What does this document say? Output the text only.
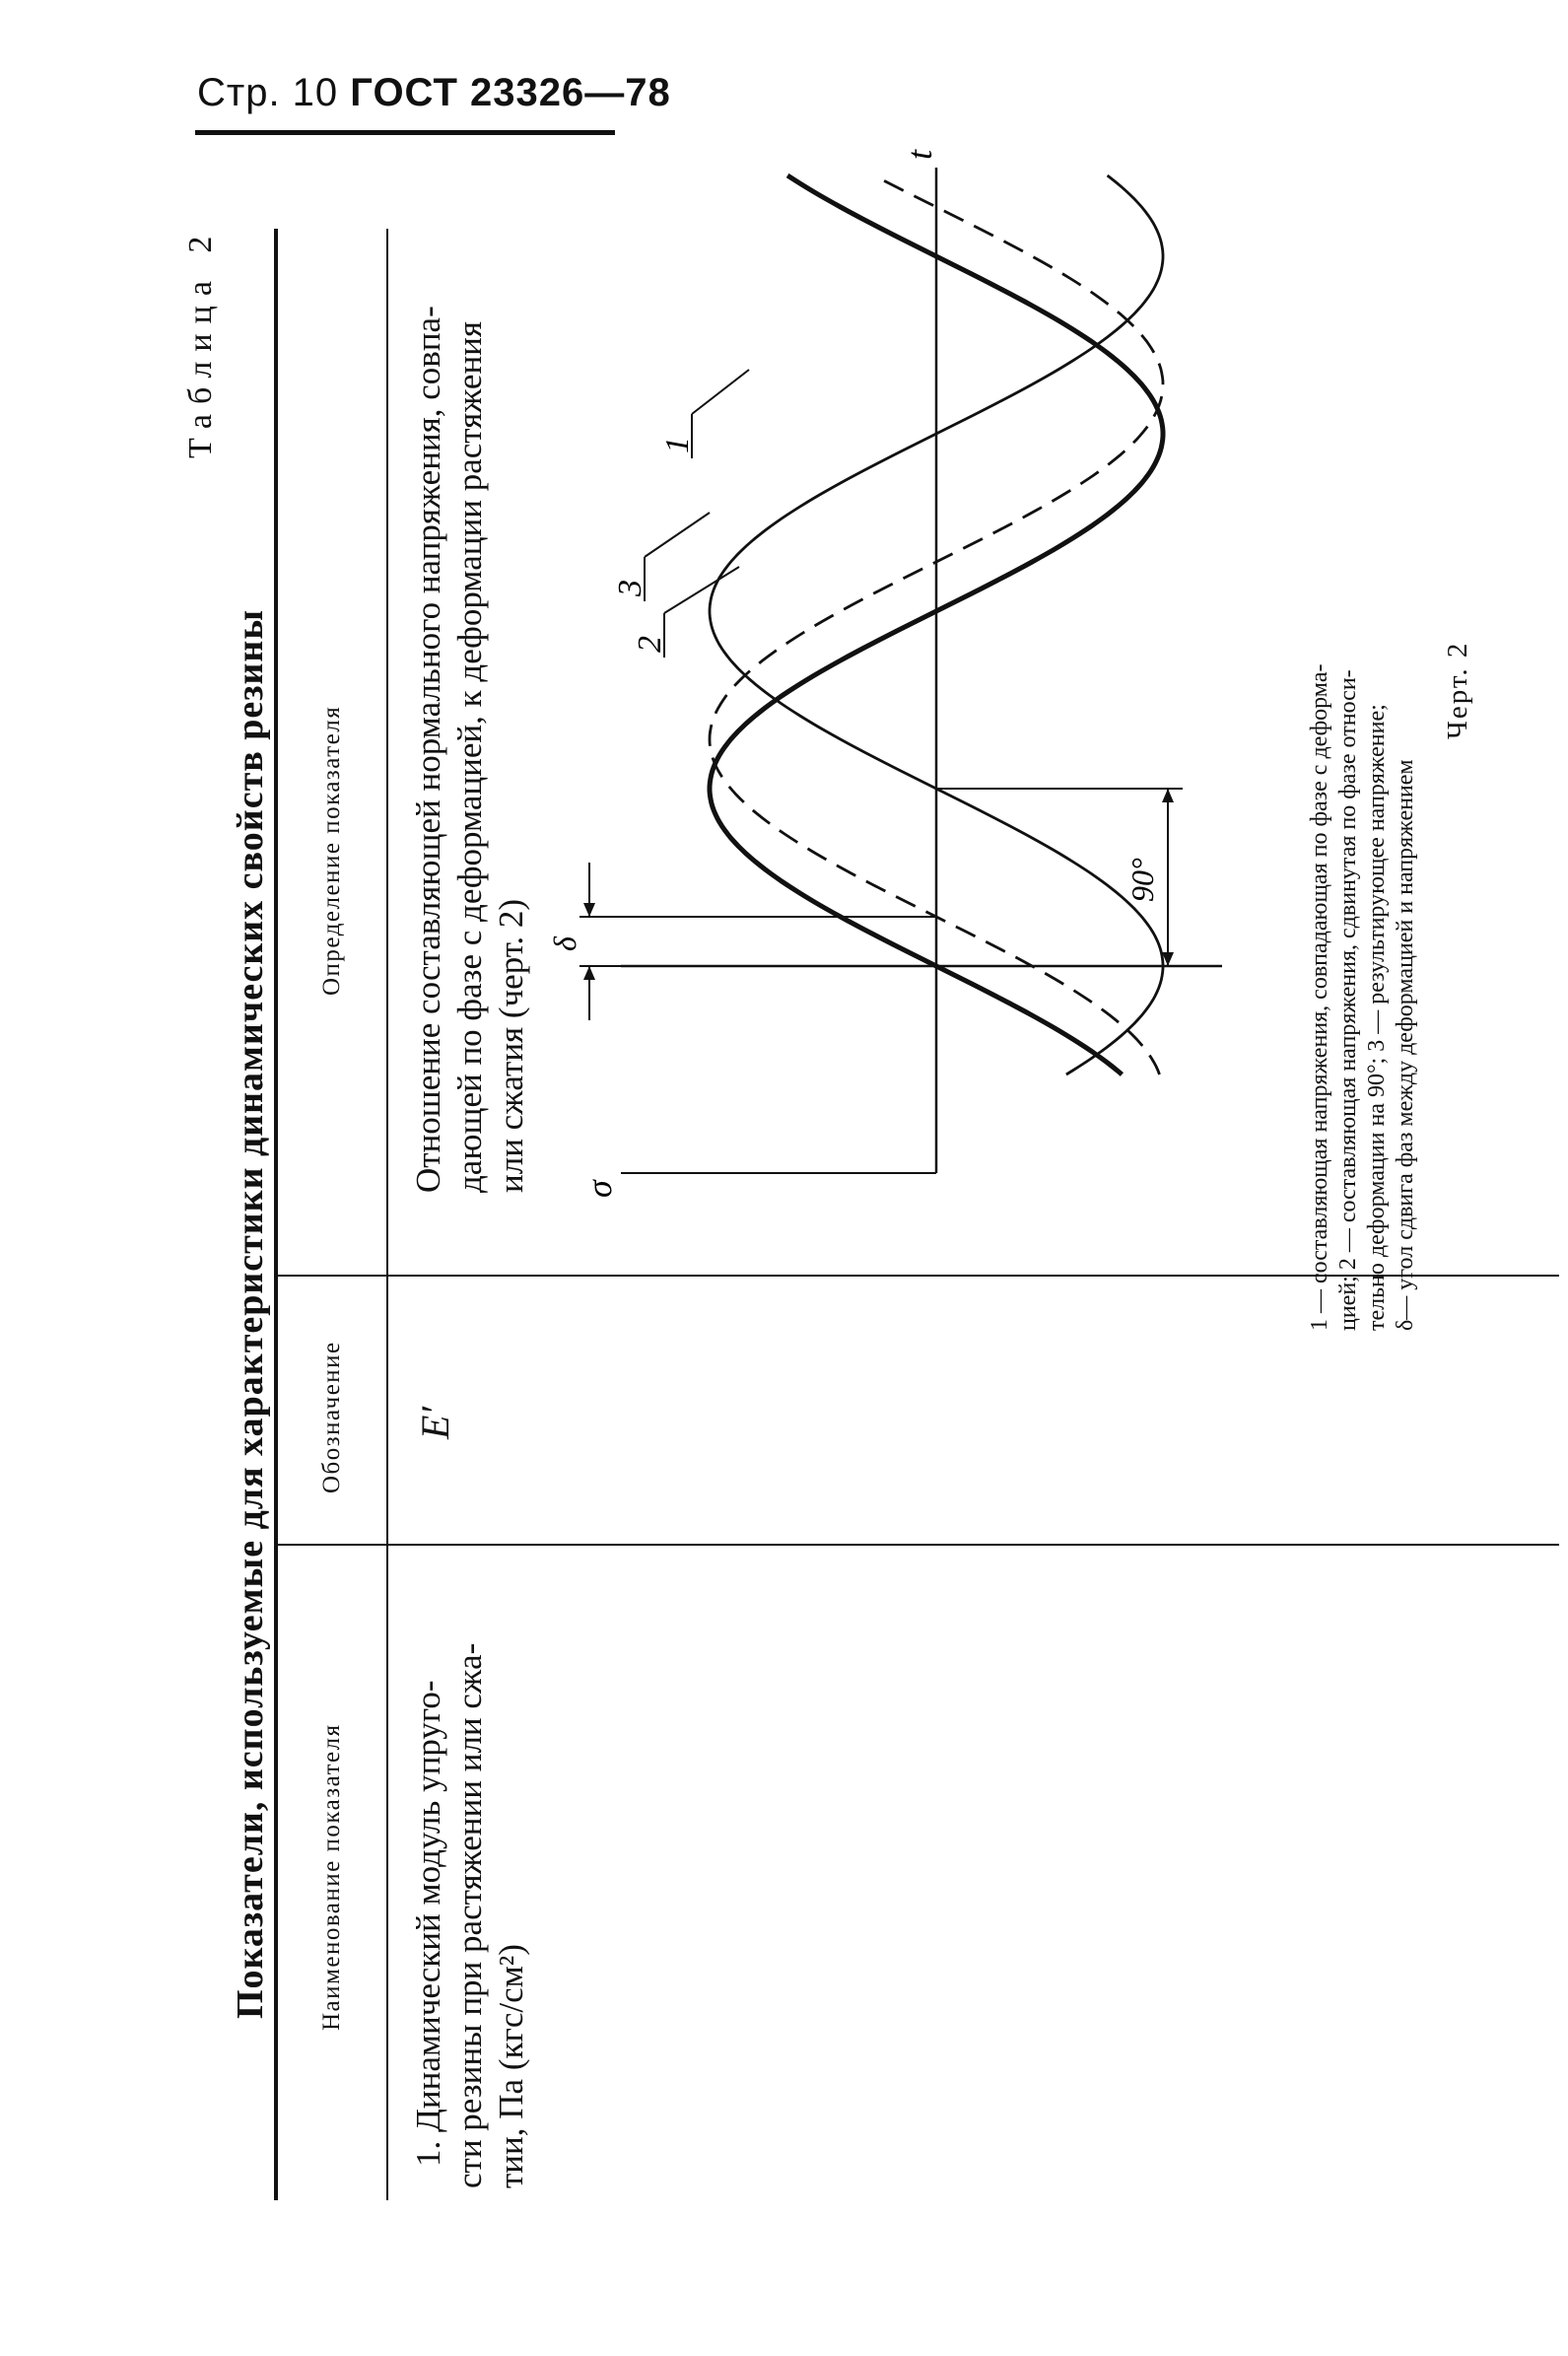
Стр. 10 ГОСТ 23326—78
Таблица 2
Показатели, используемые для характеристики динамических свойств резины Наименование показателя
Обозначение
Определение показателя
1. Динамический модуль упруго- сти резины при растяжении или сжа- тии, Па (кгс/см²)
E′
Отношение составляющей нормального напряжения, совпа- дающей по фазе с деформацией, к деформации растяжения или сжатия (черт. 2) σ
t
δ
90°
1
2
3
1 — составляющая напряжения, совпадающая по фазе с деформа- цией; 2 — составляющая напряжения, сдвинутая по фазе относи- тельно деформации на 90°; 3 — результирующее напряжение; δ— угол сдвига фаз между деформацией и напряжением
Черт. 2
